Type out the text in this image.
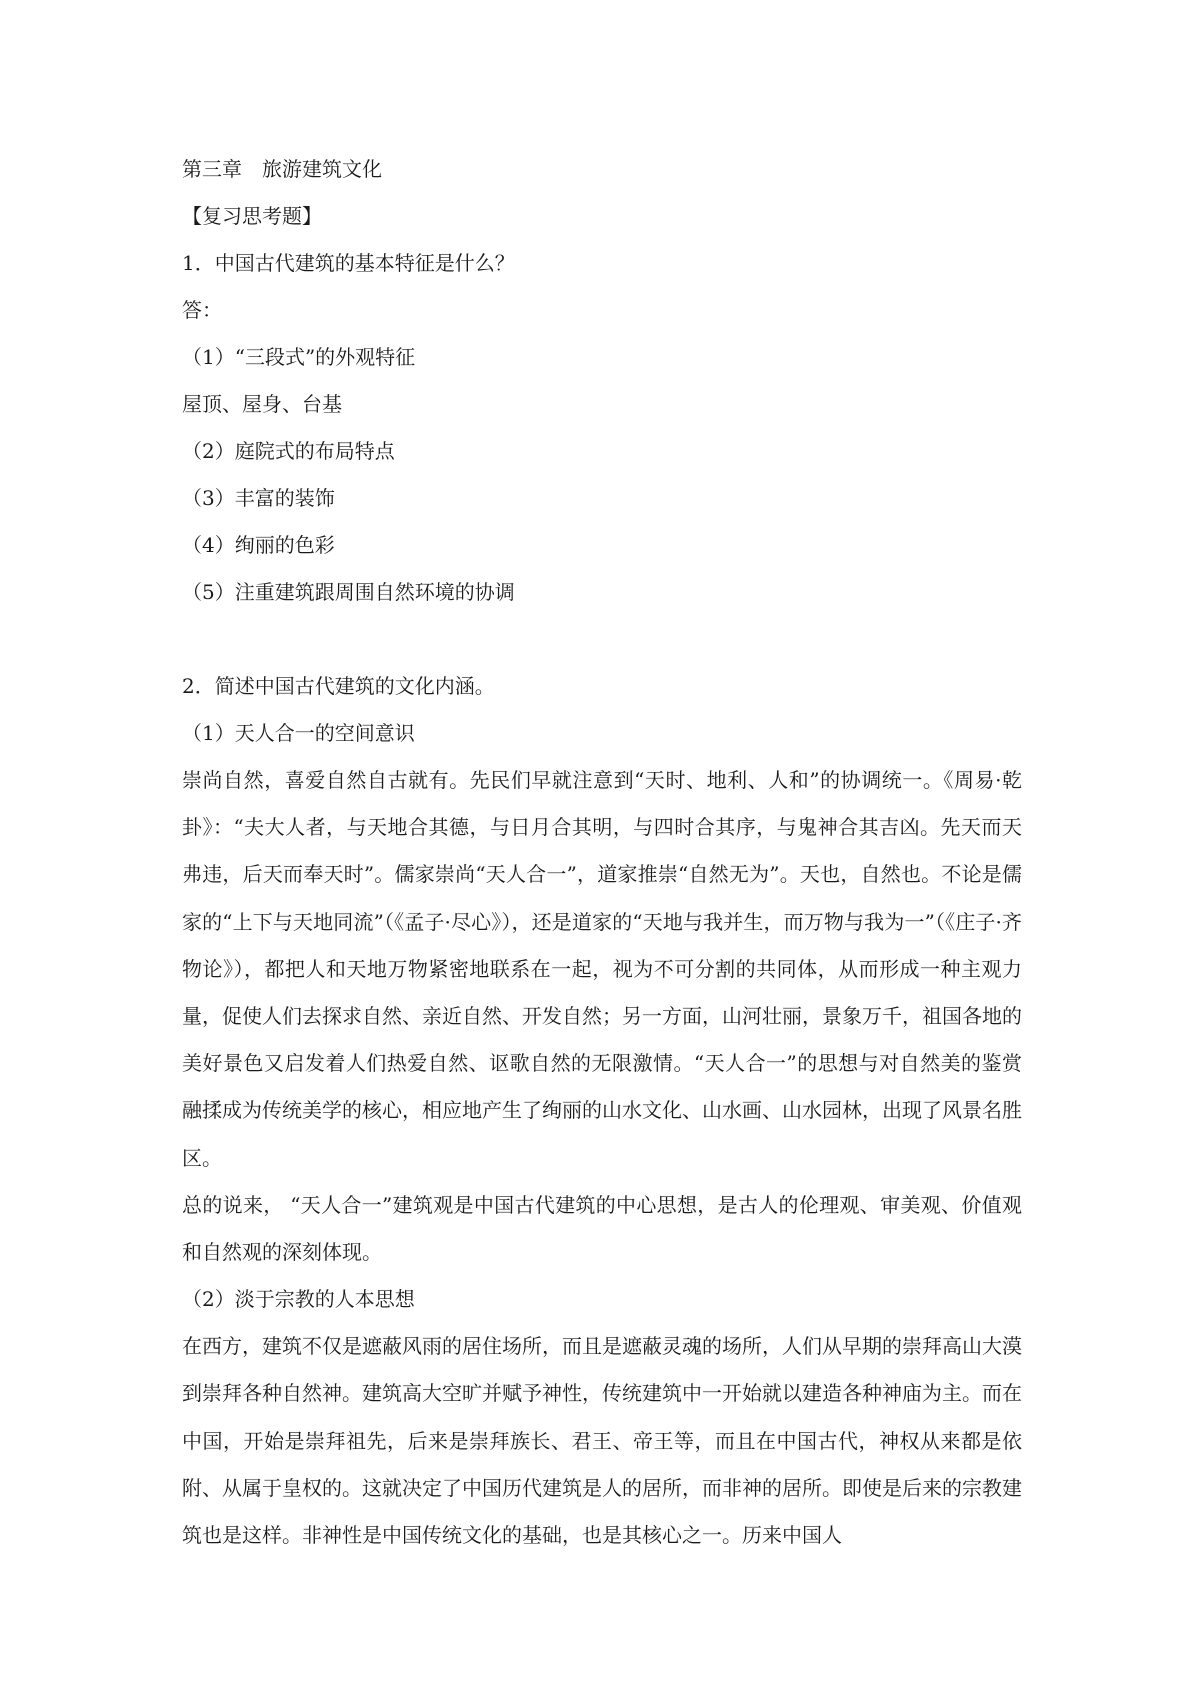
第三章　旅游建筑文化
【复习思考题】
1．中国古代建筑的基本特征是什么？
答：
（1）“三段式”的外观特征
屋顶、屋身、台基
（2）庭院式的布局特点
（3）丰富的装饰
（4）绚丽的色彩
（5）注重建筑跟周围自然环境的协调
2．简述中国古代建筑的文化内涵。
（1）天人合一的空间意识

崇尚自然，喜爱自然自古就有。先民们早就注意到“天时、地利、人和”的协调统一。《周易·乾卦》：“夫大人者，与天地合其德，与日月合其明，与四时合其序，与鬼神合其吉凶。先天而天弗违，后天而奉天时”。儒家崇尚“天人合一”，道家推崇“自然无为”。天也，自然也。不论是儒家的“上下与天地同流”（《孟子·尽心》），还是道家的“天地与我并生，而万物与我为一”（《庄子·齐物论》），都把人和天地万物紧密地联系在一起，视为不可分割的共同体，从而形成一种主观力量，促使人们去探求自然、亲近自然、开发自然；另一方面，山河壮丽，景象万千，祖国各地的美好景色又启发着人们热爱自然、讴歌自然的无限激情。“天人合一”的思想与对自然美的鉴赏融揉成为传统美学的核心，相应地产生了绚丽的山水文化、山水画、山水园林，出现了风景名胜区。

总的说来， “天人合一”建筑观是中国古代建筑的中心思想，是古人的伦理观、审美观、价值观和自然观的深刻体现。

（2）淡于宗教的人本思想

在西方，建筑不仅是遮蔽风雨的居住场所，而且是遮蔽灵魂的场所，人们从早期的崇拜高山大漠到崇拜各种自然神。建筑高大空旷并赋予神性，传统建筑中一开始就以建造各种神庙为主。而在中国，开始是崇拜祖先，后来是崇拜族长、君王、帝王等，而且在中国古代，神权从来都是依附、从属于皇权的。这就决定了中国历代建筑是人的居所，而非神的居所。即使是后来的宗教建筑也是这样。非神性是中国传统文化的基础，也是其核心之一。历来中国人
